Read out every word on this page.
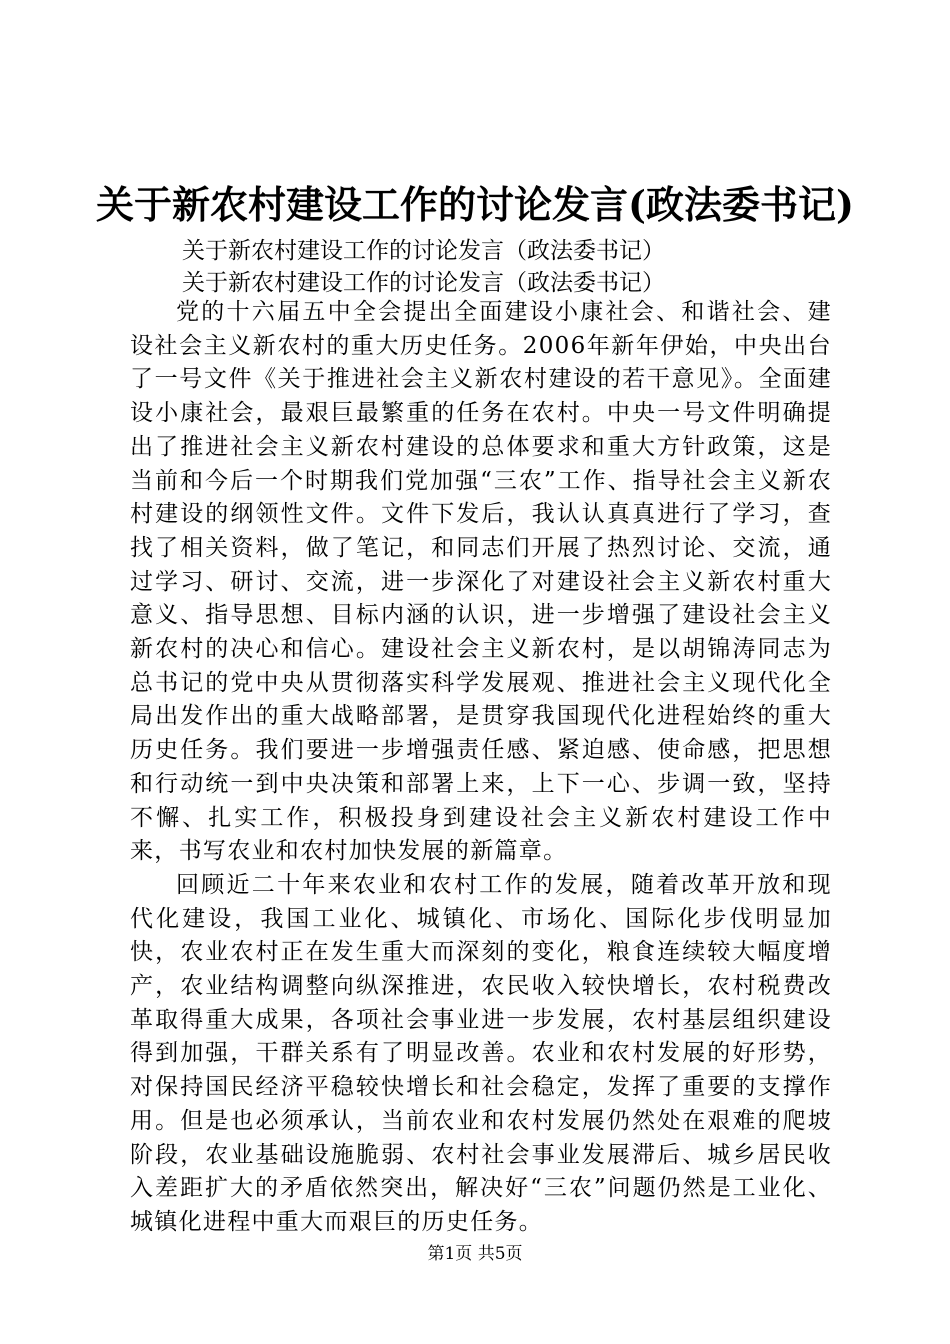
关于新农村建设工作的讨论发言(政法委书记)
关于新农村建设工作的讨论发言（政法委书记）
关于新农村建设工作的讨论发言（政法委书记）

党的十六届五中全会提出全面建设小康社会、和谐社会、建设社会主义新农村的重大历史任务。2006年新年伊始，中央出台了一号文件《关于推进社会主义新农村建设的若干意见》。全面建设小康社会，最艰巨最繁重的任务在农村。中央一号文件明确提出了推进社会主义新农村建设的总体要求和重大方针政策，这是当前和今后一个时期我们党加强“三农”工作、指导社会主义新农村建设的纲领性文件。文件下发后，我认认真真进行了学习，查找了相关资料，做了笔记，和同志们开展了热烈讨论、交流，通过学习、研讨、交流，进一步深化了对建设社会主义新农村重大意义、指导思想、目标内涵的认识，进一步增强了建设社会主义新农村的决心和信心。建设社会主义新农村，是以胡锦涛同志为总书记的党中央从贯彻落实科学发展观、推进社会主义现代化全局出发作出的重大战略部署，是贯穿我国现代化进程始终的重大历史任务。我们要进一步增强责任感、紧迫感、使命感，把思想和行动统一到中央决策和部署上来，上下一心、步调一致，坚持不懈、扎实工作，积极投身到建设社会主义新农村建设工作中来，书写农业和农村加快发展的新篇章。

回顾近二十年来农业和农村工作的发展，随着改革开放和现代化建设，我国工业化、城镇化、市场化、国际化步伐明显加快，农业农村正在发生重大而深刻的变化，粮食连续较大幅度增产，农业结构调整向纵深推进，农民收入较快增长，农村税费改革取得重大成果，各项社会事业进一步发展，农村基层组织建设得到加强，干群关系有了明显改善。农业和农村发展的好形势，对保持国民经济平稳较快增长和社会稳定，发挥了重要的支撑作用。但是也必须承认，当前农业和农村发展仍然处在艰难的爬坡阶段，农业基础设施脆弱、农村社会事业发展滞后、城乡居民收入差距扩大的矛盾依然突出，解决好“三农”问题仍然是工业化、城镇化进程中重大而艰巨的历史任务。

第1页 共5页
